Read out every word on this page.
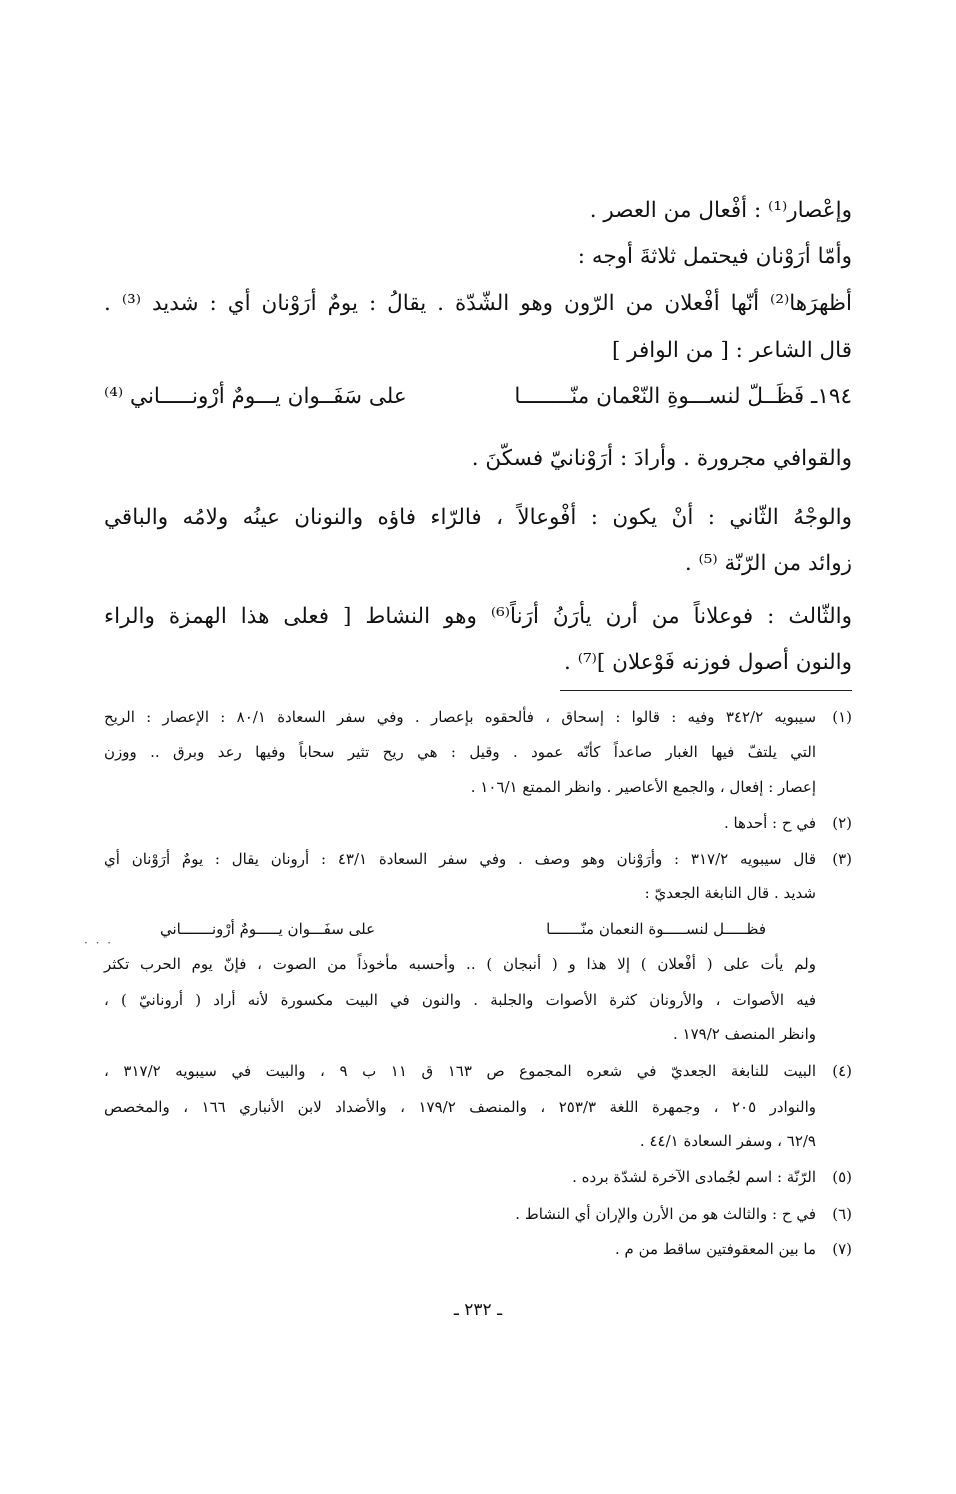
وإعْصار⁽¹⁾ : أفْعال من العصر .
وأمّا أرَوْنان فيحتمل ثلاثةَ أوجه :
أظهرَها⁽²⁾ أنّها أفْعلان من الرّون وهو الشّدّة . يقالُ : يومٌ أرَوْنان أي : شديد ⁽³⁾ .
قال الشاعر : [ من الوافر ]
١٩٤ـ فَظَــلّ لنســـوةِ النّعْمان منّــــــــا
على سَفَــوان يـــومٌ أرْونـــــاني ⁽⁴⁾
والقوافي مجرورة . وأرادَ : أرَوْنانيّ فسكّنَ .
والوجْهُ الثّاني : أنْ يكون : أفْوعالاً ، فالرّاء فاؤه والنونان عينُه ولامُه والباقي
زوائد من الرّنّة ⁽⁵⁾ .
والثّالث : فوعلاناً من أرن يأرَنُ أرَناً⁽⁶⁾ وهو النشاط [ فعلى هذا الهمزة والراء
والنون أصول فوزنه فَوْعلان ]⁽⁷⁾ .
(١)
سيبويه ٣٤٢/٢ وفيه : قالوا : إسحاق ، فألحقوه بإعصار . وفي سفر السعادة ٨٠/١ : الإعصار : الريح
التي يلتفّ فيها الغبار صاعداً كأنّه عمود . وقيل : هي ريح تثير سحاباً وفيها رعد وبرق .. ووزن
إعصار : إفعال ، والجمع الأعاصير . وانظر الممتع ١٠٦/١ .
(٢)
في ح : أحدها .
(٣)
قال سيبويه ٣١٧/٢ : وأرَوْنان وهو وصف . وفي سفر السعادة ٤٣/١ : أرونان يقال : يومٌ أرَوْنان أي
شديد . قال النابغة الجعديّ :
فظـــــل لنســـــوة النعمان منّـــــــا
على سفَـــوان يـــــومٌ أرْونـــــــاني
· · ·
ولم يأت على ( أفْعلان ) إلا هذا و ( أنبجان ) .. وأحسبه مأخوذاً من الصوت ، فإنّ يوم الحرب تكثر
فيه الأصوات ، والأرونان كثرة الأصوات والجلبة . والنون في البيت مكسورة لأنه أراد ( أرونانيّ ) ،
وانظر المنصف ١٧٩/٢ .
(٤)
البيت للنابغة الجعديّ في شعره المجموع ص ١٦٣ ق ١١ ب ٩ ، والبيت في سيبويه ٣١٧/٢ ،
والنوادر ٢٠٥ ، وجمهرة اللغة ٢٥٣/٣ ، والمنصف ١٧٩/٢ ، والأضداد لابن الأنباري ١٦٦ ، والمخصص
٦٢/٩ ، وسفر السعادة ٤٤/١ .
(٥)
الرّنّة : اسم لجُمادى الآخرة لشدّة برده .
(٦)
في ح : والثالث هو من الأرن والإران أي النشاط .
(٧)
ما بين المعقوفتين ساقط من م .
ـ ٢٣٢ ـ
